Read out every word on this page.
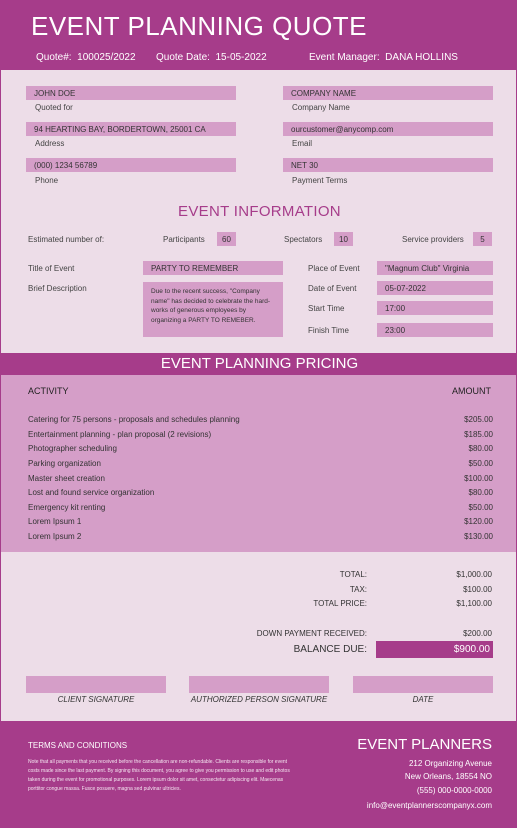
EVENT PLANNING QUOTE
Quote#: 100025/2022 Quote Date: 15-05-2022	Event Manager: DANA HOLLINS
JOHN DOE
Quoted for
94 HEARTING BAY, BORDERTOWN, 25001 CA
Address
(000) 1234 56789
Phone
COMPANY NAME
Company Name
ourcustomer@anycomp.com
Email
NET 30
Payment Terms
EVENT INFORMATION
Estimated number of:	Participants	60	Spectators	10	Service providers	5
Title of Event	PARTY TO REMEMBER
Brief Description	Due to the recent success, "Company name" has decided to celebrate the hard-works of generous employees by organizing a PARTY TO REMEBER.
Place of Event	"Magnum Club" Virginia
Date of Event	05-07-2022
Start Time	17:00
Finish Time	23:00
EVENT PLANNING PRICING
ACTIVITY	AMOUNT
Catering for 75 persons - proposals and schedules planning	$205.00
Entertainment planning - plan proposal (2 revisions)	$185.00
Photographer scheduling	$80.00
Parking organization	$50.00
Master sheet creation	$100.00
Lost and found service organization	$80.00
Emergency kit renting	$50.00
Lorem Ipsum 1	$120.00
Lorem Ipsum 2	$130.00
TOTAL:	$1,000.00
TAX:	$100.00
TOTAL PRICE:	$1,100.00
DOWN PAYMENT RECEIVED:	$200.00
BALANCE DUE:	$900.00
CLIENT SIGNATURE	AUTHORIZED PERSON SIGNATURE	DATE
TERMS AND CONDITIONS
Note that all payments that you received before the cancellation are non-refundable. Clients are responsible for event costs made since the last payment. By signing this document, you agree to give you permission to use and edit photos taken during the event for promotional purposes. Lorem ipsum dolor sit amet, consectetur adipiscing elit. Maecenas porttitor congue massa. Fusce posuere, magna sed pulvinar ultricies.
EVENT PLANNERS
212 Organizing Avenue
New Orleans, 18554 NO
(555) 000-0000-0000
info@eventplannerscompanyx.com
